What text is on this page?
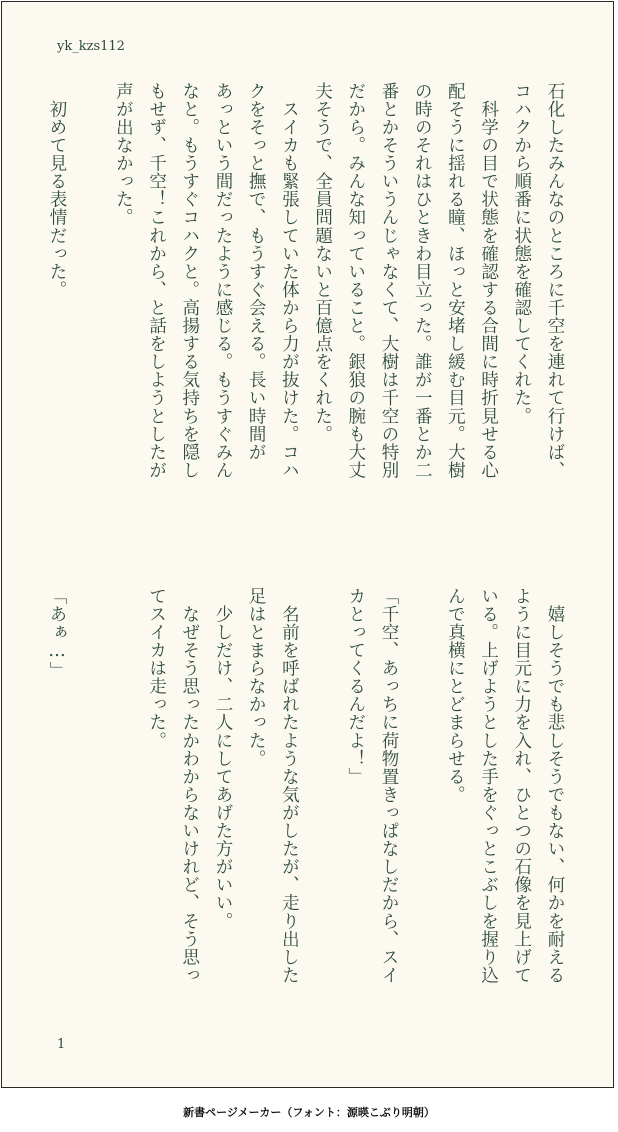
yk_kzs112

石化したみんなのところに千空を連れて行けば、
コハクから順番に状態を確認してくれた。
　科学の目で状態を確認する合間に時折見せる心
配そうに揺れる瞳、ほっと安堵し緩む目元。大樹
の時のそれはひときわ目立った。誰が一番とか二
番とかそういうんじゃなくて、大樹は千空の特別
だから。みんな知っていること。銀狼の腕も大丈
夫そうで、全員問題ないと百億点をくれた。
　スイカも緊張していた体から力が抜けた。コハ
クをそっと撫で、もうすぐ会える。長い時間が
あっという間だったように感じる。もうすぐみん
なと。もうすぐコハクと。高揚する気持ちを隠し
もせず、千空！これから、と話をしようとしたが
声が出なかった。

　初めて見る表情だった。

　嬉しそうでも悲しそうでもない、何かを耐える
ように目元に力を入れ、ひとつの石像を見上げて
いる。上げようとした手をぐっとこぶしを握り込
んで真横にとどまらせる。

「千空、あっちに荷物置きっぱなしだから、スイ
カとってくるんだよ！」

　名前を呼ばれたような気がしたが、走り出した
足はとまらなかった。
　少しだけ、二人にしてあげた方がいい。
　なぜそう思ったかわからないけれど、そう思っ
てスイカは走った。

「あぁ…」

1

新書ページメーカー（フォント：源暎こぶり明朝）
